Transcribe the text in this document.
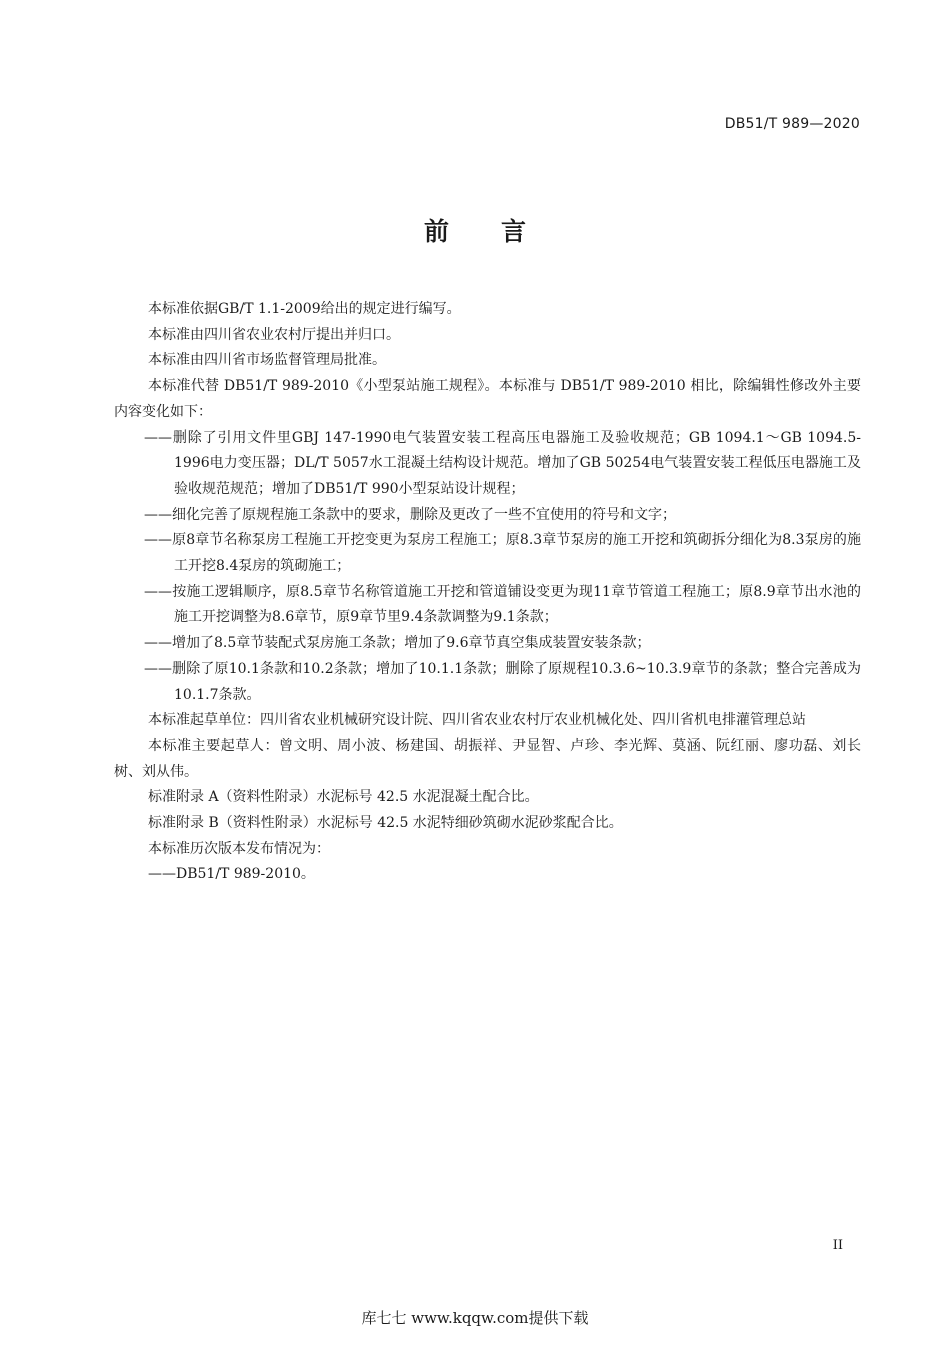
DB51/T 989—2020
前 言

本标准依据GB/T 1.1-2009给出的规定进行编写。

本标准由四川省农业农村厅提出并归口。

本标准由四川省市场监督管理局批准。

本标准代替 DB51/T 989-2010《小型泵站施工规程》。本标准与 DB51/T 989-2010 相比，除编辑性修改外主要内容变化如下：

——删除了引用文件里GBJ 147-1990电气装置安装工程高压电器施工及验收规范；GB 1094.1～GB 1094.5-1996电力变压器；DL/T 5057水工混凝土结构设计规范。增加了GB 50254电气装置安装工程低压电器施工及验收规范规范；增加了DB51/T 990小型泵站设计规程；

——细化完善了原规程施工条款中的要求，删除及更改了一些不宜使用的符号和文字；

——原8章节名称泵房工程施工开挖变更为泵房工程施工；原8.3章节泵房的施工开挖和筑砌拆分细化为8.3泵房的施工开挖8.4泵房的筑砌施工；

——按施工逻辑顺序，原8.5章节名称管道施工开挖和管道铺设变更为现11章节管道工程施工；原8.9章节出水池的施工开挖调整为8.6章节，原9章节里9.4条款调整为9.1条款；

——增加了8.5章节装配式泵房施工条款；增加了9.6章节真空集成装置安装条款；

——删除了原10.1条款和10.2条款；增加了10.1.1条款；删除了原规程10.3.6~10.3.9章节的条款；整合完善成为10.1.7条款。

本标准起草单位：四川省农业机械研究设计院、四川省农业农村厅农业机械化处、四川省机电排灌管理总站

本标准主要起草人：曾文明、周小波、杨建国、胡振祥、尹显智、卢珍、李光辉、莫涵、阮红丽、廖功磊、刘长树、刘从伟。

标准附录 A（资料性附录）水泥标号 42.5 水泥混凝土配合比。

标准附录 B（资料性附录）水泥标号 42.5 水泥特细砂筑砌水泥砂浆配合比。

本标准历次版本发布情况为：

——DB51/T 989-2010。

II
库七七 www.kqqw.com提供下载
